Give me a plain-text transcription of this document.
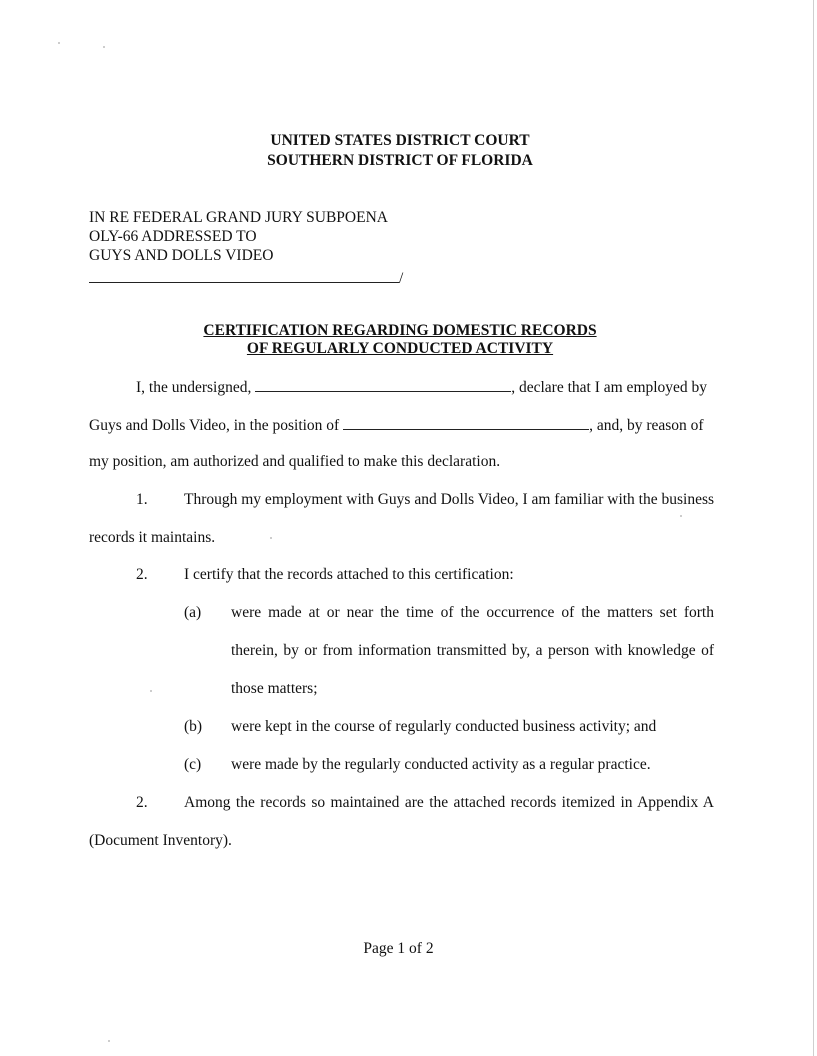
UNITED STATES DISTRICT COURT
SOUTHERN DISTRICT OF FLORIDA
IN RE FEDERAL GRAND JURY SUBPOENA
OLY-66 ADDRESSED TO
GUYS AND DOLLS VIDEO
/
CERTIFICATION REGARDING DOMESTIC RECORDS
OF REGULARLY CONDUCTED ACTIVITY
I, the undersigned,	, declare that I am employed by
Guys and Dolls Video, in the position of	, and, by reason of
my position, am authorized and qualified to make this declaration.
1. Through my employment with Guys and Dolls Video, I am familiar with the business
records it maintains.
2. I certify that the records attached to this certification:
(a) were made at or near the time of the occurrence of the matters set forth
therein, by or from information transmitted by, a person with knowledge of
those matters;
(b) were kept in the course of regularly conducted business activity; and
(c) were made by the regularly conducted activity as a regular practice.
2. Among the records so maintained are the attached records itemized in Appendix A
(Document Inventory).
Page 1 of 2
